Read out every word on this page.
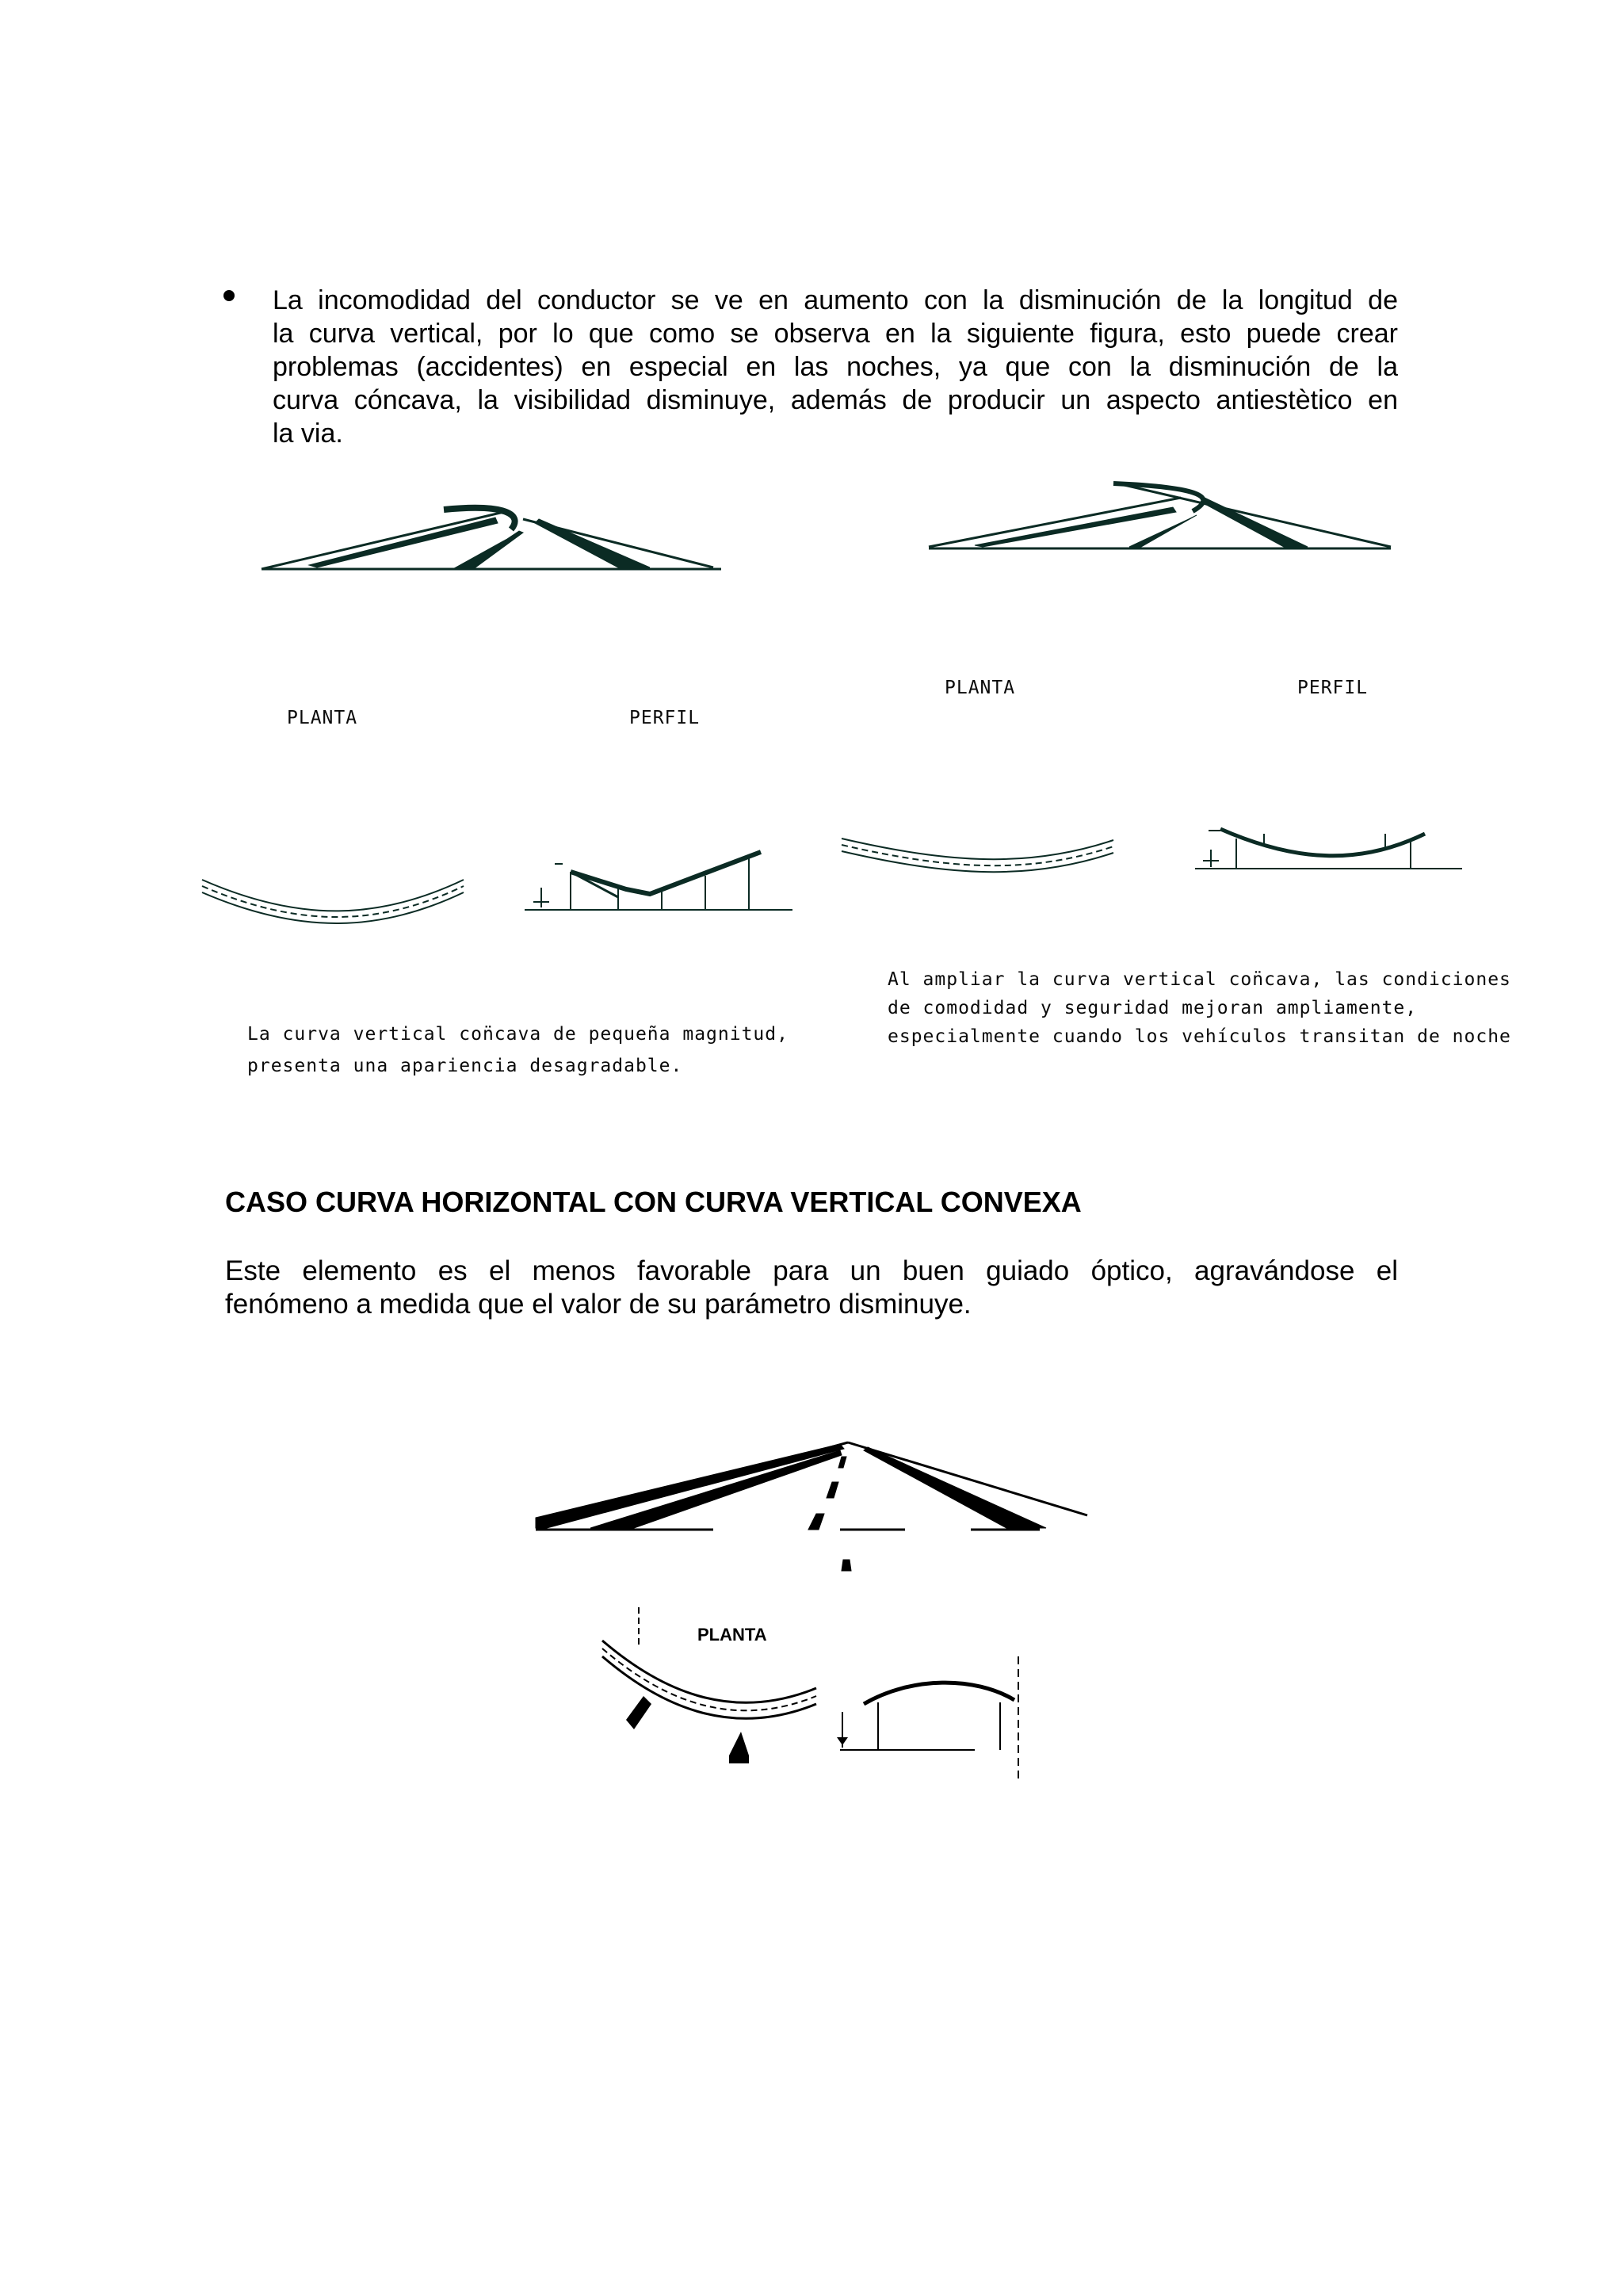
La incomodidad del conductor se ve en aumento con la disminución de la longitud de
la curva vertical, por lo que como se observa en la siguiente figura, esto puede crear
problemas (accidentes) en especial en las noches, ya que con la disminución de la
curva cóncava, la visibilidad disminuye, además de producir un aspecto antiestètico en
la via.
PLANTA	PERFIL
PLANTA	PERFIL
La curva vertical con̈cava de pequeña magnitud,
presenta una apariencia desagradable.
Al ampliar la curva vertical con̈cava, las condiciones
de comodidad y seguridad mejoran ampliamente,
especialmente cuando los vehículos transitan de noche
CASO CURVA HORIZONTAL CON CURVA VERTICAL CONVEXA
Este elemento es el menos favorable para un buen guiado óptico, agravándose el
fenómeno a medida que el valor de su parámetro disminuye.
PLANTA
